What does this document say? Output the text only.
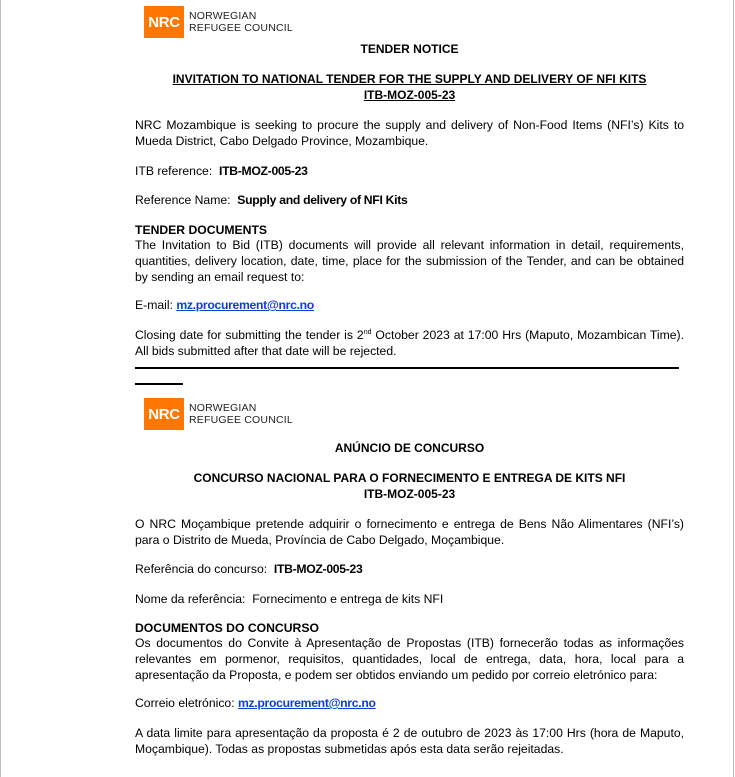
NRC NORWEGIAN
REFUGEE COUNCIL
TENDER NOTICE
INVITATION TO NATIONAL TENDER FOR THE SUPPLY AND DELIVERY OF NFI KITS
ITB-MOZ-005-23
NRC Mozambique is seeking to procure the supply and delivery of Non-Food Items (NFI’s) Kits to Mueda District, Cabo Delgado Province, Mozambique.
ITB reference: ITB-MOZ-005-23
Reference Name: Supply and delivery of NFI Kits
TENDER DOCUMENTS
The Invitation to Bid (ITB) documents will provide all relevant information in detail, requirements, quantities, delivery location, date, time, place for the submission of the Tender, and can be obtained by sending an email request to:
E-mail: mz.procurement@nrc.no
Closing date for submitting the tender is 2nd October 2023 at 17:00 Hrs (Maputo, Mozambican Time). All bids submitted after that date will be rejected.
NRC NORWEGIAN
REFUGEE COUNCIL
ANÚNCIO DE CONCURSO
CONCURSO NACIONAL PARA O FORNECIMENTO E ENTREGA DE KITS NFI
ITB-MOZ-005-23
O NRC Moçambique pretende adquirir o fornecimento e entrega de Bens Não Alimentares (NFI’s) para o Distrito de Mueda, Província de Cabo Delgado, Moçambique.
Referência do concurso: ITB-MOZ-005-23
Nome da referência: Fornecimento e entrega de kits NFI
DOCUMENTOS DO CONCURSO
Os documentos do Convite à Apresentação de Propostas (ITB) fornecerão todas as informações relevantes em pormenor, requisitos, quantidades, local de entrega, data, hora, local para a apresentação da Proposta, e podem ser obtidos enviando um pedido por correio eletrónico para:
Correio eletrónico: mz.procurement@nrc.no
A data limite para apresentação da proposta é 2 de outubro de 2023 às 17:00 Hrs (hora de Maputo, Moçambique). Todas as propostas submetidas após esta data serão rejeitadas.
